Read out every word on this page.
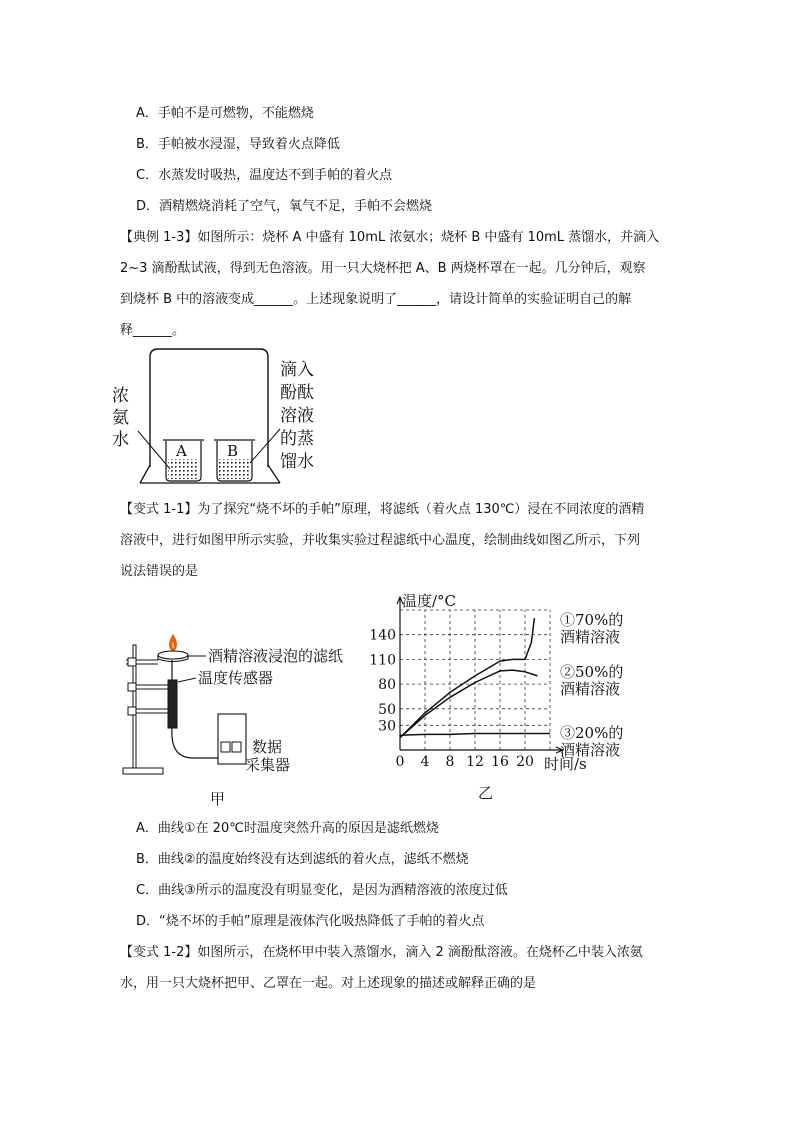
A．手帕不是可燃物，不能燃烧
B．手帕被水浸湿，导致着火点降低
C．水蒸发时吸热，温度达不到手帕的着火点
D．酒精燃烧消耗了空气，氧气不足，手帕不会燃烧
【典例 1-3】如图所示：烧杯 A 中盛有 10mL 浓氨水；烧杯 B 中盛有 10mL 蒸馏水，并滴入
2~3 滴酚酞试液，得到无色溶液。用一只大烧杯把 A、B 两烧杯罩在一起。几分钟后，观察
到烧杯 B 中的溶液变成______。上述现象说明了______，请设计简单的实验证明自己的解
释______。
A	B
浓
氨
水
滴入
酚酞
溶液
的蒸
馏水
【变式 1-1】为了探究“烧不坏的手帕”原理，将滤纸（着火点 130℃）浸在不同浓度的酒精
溶液中，进行如图甲所示实验，并收集实验过程滤纸中心温度，绘制曲线如图乙所示，下列
说法错误的是
酒精溶液浸泡的滤纸
温度传感器
数据
采集器
甲
0 4 8 12 16 20
30
50
80
110
140
温度/°C
时间/s
①70%的
酒精溶液
②50%的
酒精溶液
③20%的
酒精溶液
乙
A．曲线①在 20℃时温度突然升高的原因是滤纸燃烧
B．曲线②的温度始终没有达到滤纸的着火点，滤纸不燃烧
C．曲线③所示的温度没有明显变化，是因为酒精溶液的浓度过低
D．“烧不坏的手帕”原理是液体汽化吸热降低了手帕的着火点
【变式 1-2】如图所示，在烧杯甲中装入蒸馏水，滴入 2 滴酚酞溶液。在烧杯乙中装入浓氨
水，用一只大烧杯把甲、乙罩在一起。对上述现象的描述或解释正确的是
